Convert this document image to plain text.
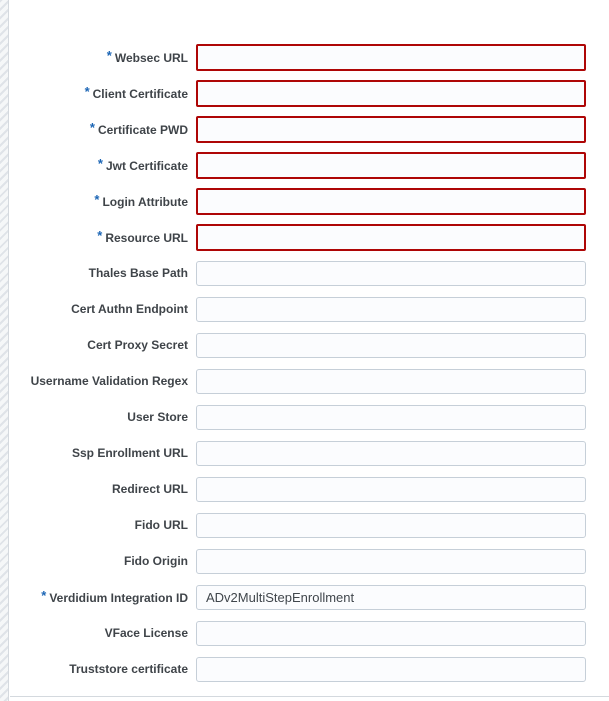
* Websec URL
* Client Certificate
* Certificate PWD
* Jwt Certificate
* Login Attribute
* Resource URL
Thales Base Path
Cert Authn Endpoint
Cert Proxy Secret
Username Validation Regex
User Store
Ssp Enrollment URL
Redirect URL
Fido URL
Fido Origin
* Verdidium Integration ID
ADv2MultiStepEnrollment
VFace License
Truststore certificate
